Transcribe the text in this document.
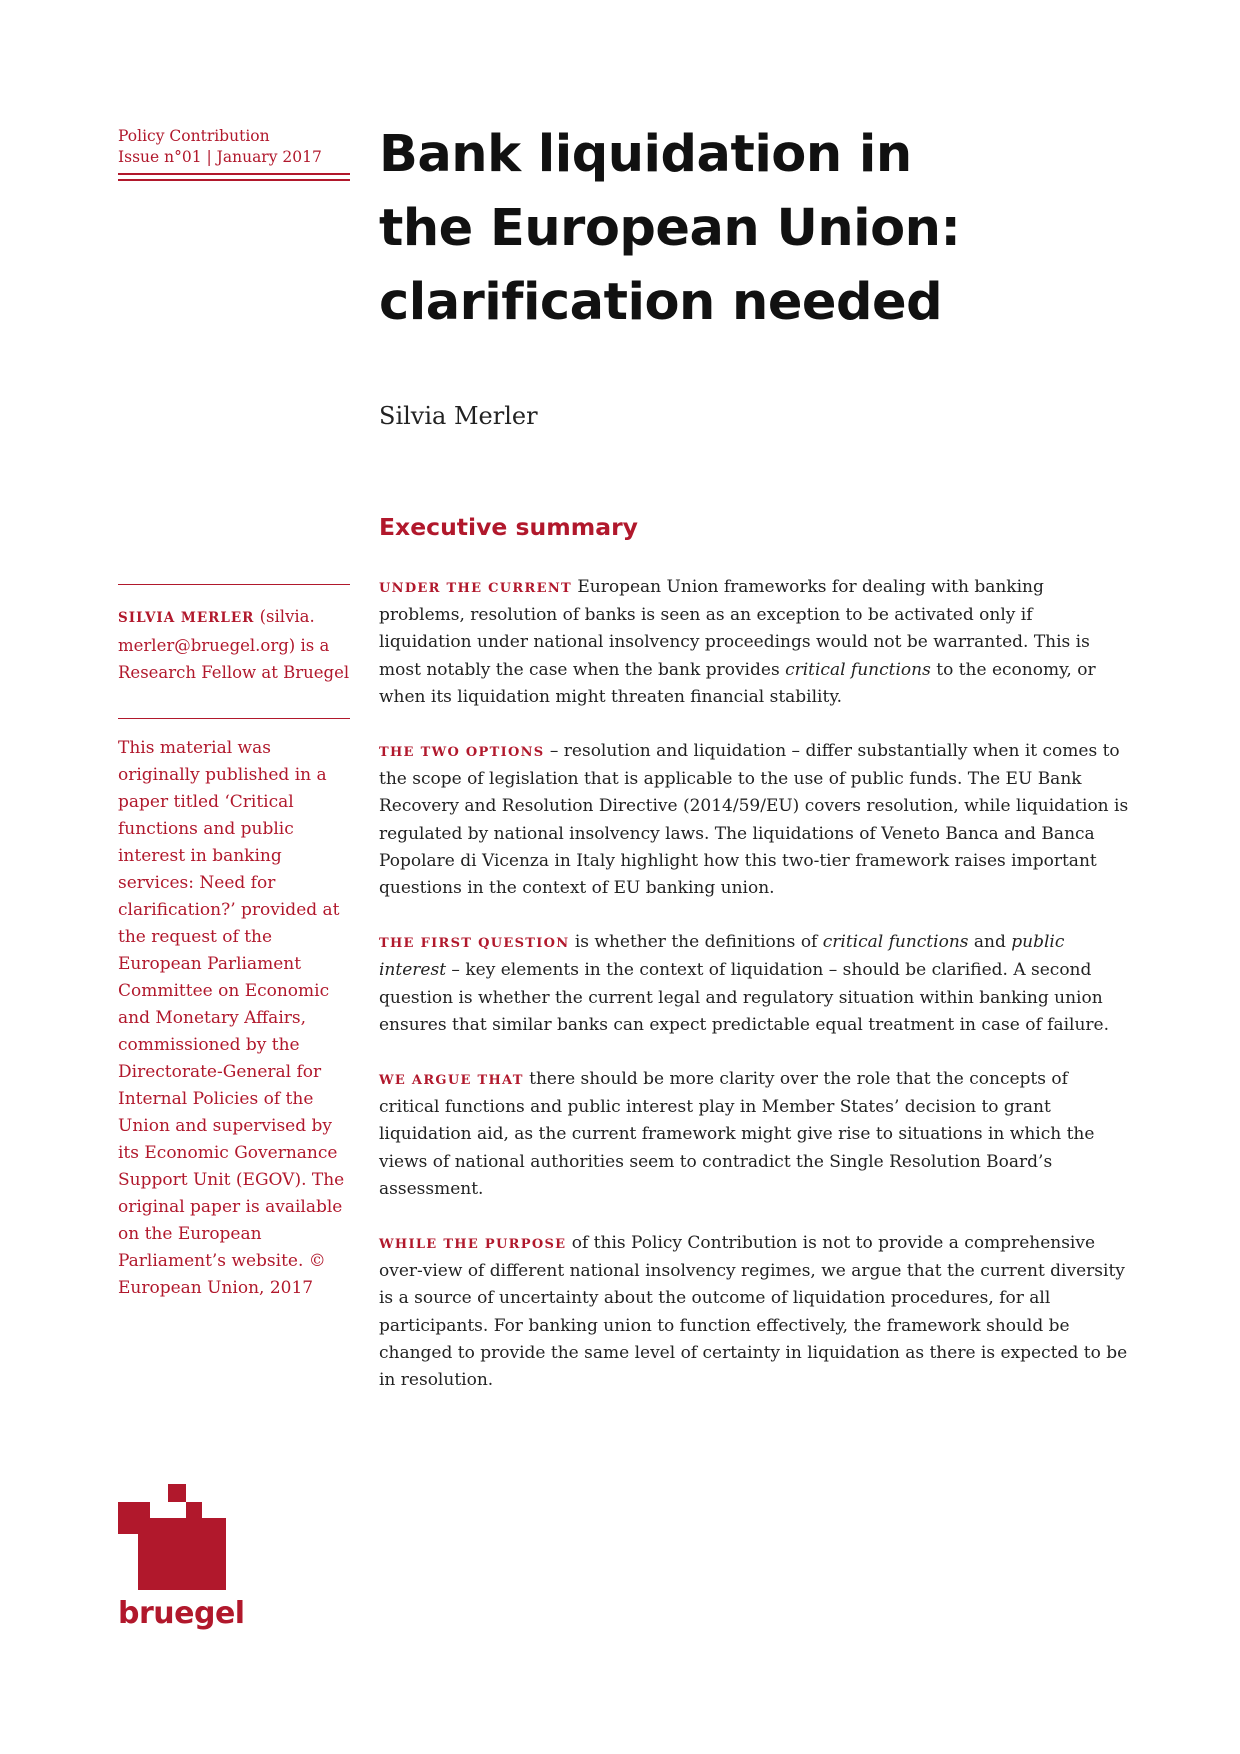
Policy Contribution
Issue n°01 | January 2017
SILVIA MERLER (silvia. merler@bruegel.org) is a Research Fellow at Bruegel
This material was originally published in a paper titled ‘Critical functions and public interest in banking services: Need for clarification?’ provided at the request of the European Parliament Committee on Economic and Monetary Affairs, commissioned by the Directorate-General for Internal Policies of the Union and supervised by its Economic Governance Support Unit (EGOV). The original paper is available on the European Parliament’s website. © European Union, 2017
Bank liquidation in
the European Union:
clarification needed
Silvia Merler
Executive summary

UNDER THE CURRENT European Union frameworks for dealing with banking problems, resolution of banks is seen as an exception to be activated only if liquidation under national insolvency proceedings would not be warranted. This is most notably the case when the bank provides critical functions to the economy, or when its liquidation might threaten financial stability.

THE TWO OPTIONS – resolution and liquidation – differ substantially when it comes to the scope of legislation that is applicable to the use of public funds. The EU Bank Recovery and Resolution Directive (2014/59/EU) covers resolution, while liquidation is regulated by national insolvency laws. The liquidations of Veneto Banca and Banca Popolare di Vicenza in Italy highlight how this two-tier framework raises important questions in the context of EU banking union.

THE FIRST QUESTION is whether the definitions of critical functions and public interest – key elements in the context of liquidation – should be clarified. A second question is whether the current legal and regulatory situation within banking union ensures that similar banks can expect predictable equal treatment in case of failure.

WE ARGUE THAT there should be more clarity over the role that the concepts of critical functions and public interest play in Member States’ decision to grant liquidation aid, as the current framework might give rise to situations in which the views of national authorities seem to contradict the Single Resolution Board’s assessment.

WHILE THE PURPOSE of this Policy Contribution is not to provide a comprehensive over-view of different national insolvency regimes, we argue that the current diversity is a source of uncertainty about the outcome of liquidation procedures, for all participants. For banking union to function effectively, the framework should be changed to provide the same level of certainty in liquidation as there is expected to be in resolution.

bruegel
